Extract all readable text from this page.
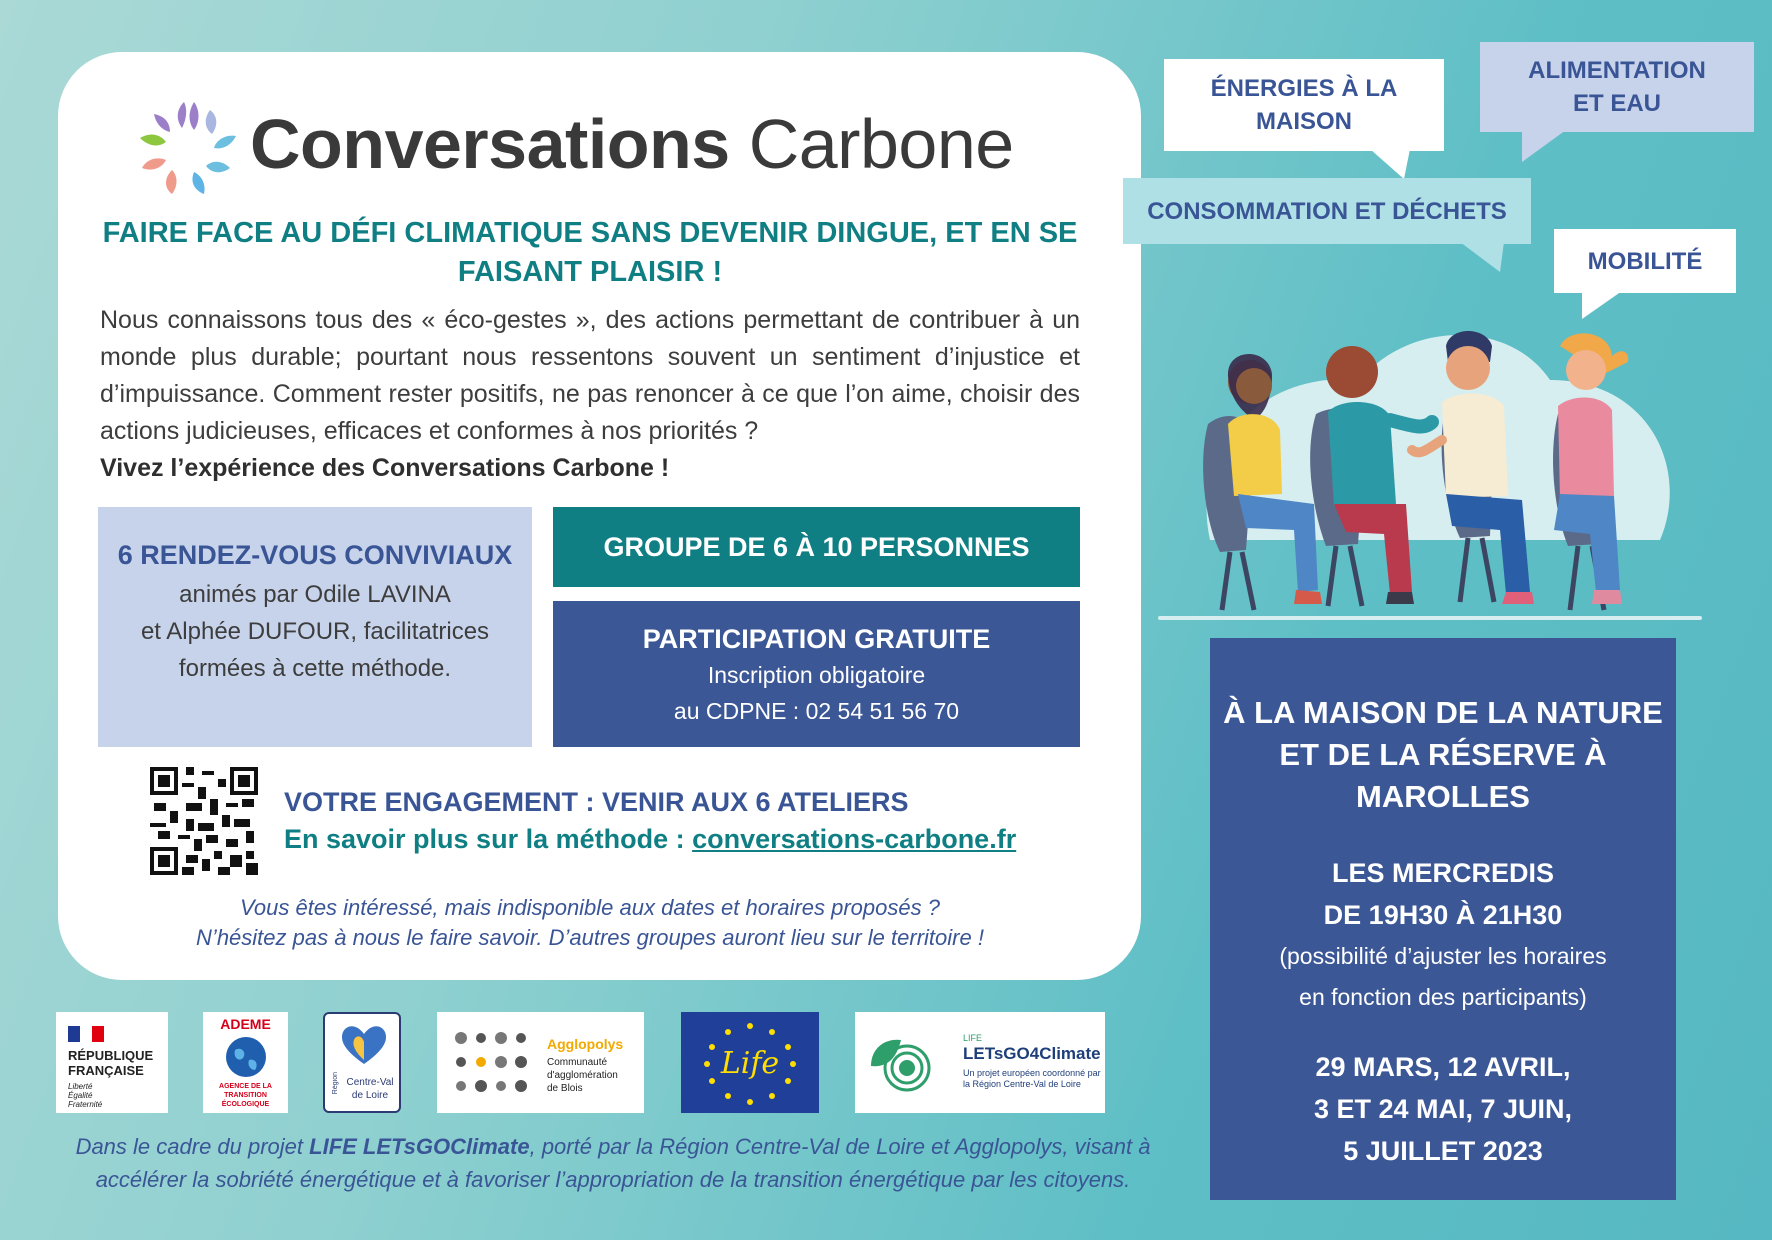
Conversations Carbone
FAIRE FACE AU DÉFI CLIMATIQUE SANS DEVENIR DINGUE, ET EN SE FAISANT PLAISIR !
Nous connaissons tous des « éco-gestes », des actions permettant de contribuer à un monde plus durable; pourtant nous ressentons souvent un sentiment d’injustice et d’impuissance. Comment rester positifs, ne pas renoncer à ce que l’on aime, choisir des actions judicieuses, efficaces et conformes à nos priorités ?
Vivez l’expérience des Conversations Carbone !
6 RENDEZ-VOUS CONVIVIAUX
animés par Odile LAVINA
et Alphée DUFOUR, facilitatrices
formées à cette méthode.
GROUPE DE 6 À 10 PERSONNES
PARTICIPATION GRATUITE
Inscription obligatoire
au CDPNE : 02 54 51 56 70
VOTRE ENGAGEMENT : VENIR AUX 6 ATELIERS
En savoir plus sur la méthode : conversations-carbone.fr
Vous êtes intéressé, mais indisponible aux dates et horaires proposés ?
N’hésitez pas à nous le faire savoir. D’autres groupes auront lieu sur le territoire !
RÉPUBLIQUE
FRANÇAISE
Liberté
Égalité
Fraternité
ADEME
AGENCE DE LA TRANSITION ÉCOLOGIQUE
Région Centre-Val de Loire
Agglopolys
Communauté
d'agglomération
de Blois
Life
LIFE
LETsGO4Climate
Un projet européen coordonné par
la Région Centre-Val de Loire
Dans le cadre du projet LIFE LETsGOClimate, porté par la Région Centre-Val de Loire et Agglopolys, visant à accélérer la sobriété énergétique et à favoriser l’appropriation de la transition énergétique par les citoyens.
ÉNERGIES À LA MAISON
ALIMENTATION ET EAU
CONSOMMATION ET DÉCHETS
MOBILITÉ
À LA MAISON DE LA NATURE ET DE LA RÉSERVE À MAROLLES
LES MERCREDIS
DE 19H30 À 21H30
(possibilité d’ajuster les horaires
en fonction des participants)
29 MARS, 12 AVRIL,
3 ET 24 MAI, 7 JUIN,
5 JUILLET 2023
